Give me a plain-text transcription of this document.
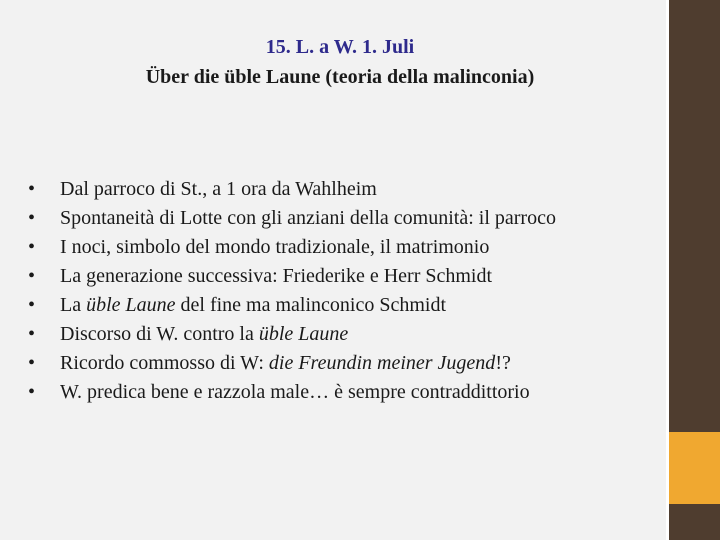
15. L. a W. 1. Juli
Über die üble Laune (teoria della malinconia)
• Dal parroco di St., a 1 ora da Wahlheim
• Spontaneità di Lotte con gli anziani della comunità: il parroco
• I noci, simbolo del mondo tradizionale, il matrimonio
• La generazione successiva: Friederike e Herr Schmidt
• La üble Laune del fine ma malinconico Schmidt
• Discorso di W. contro la üble Laune
• Ricordo commosso di W: die Freundin meiner Jugend!?
• W. predica bene e razzola male… è sempre contraddittorio
